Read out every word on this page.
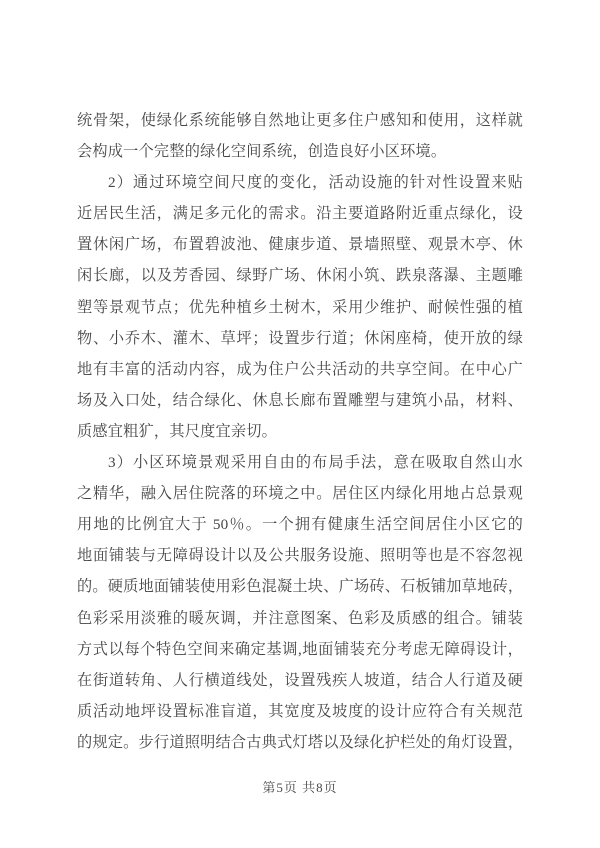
统骨架，使绿化系统能够自然地让更多住户感知和使用，这样就
会构成一个完整的绿化空间系统，创造良好小区环境。
2）通过环境空间尺度的变化，活动设施的针对性设置来贴
近居民生活，满足多元化的需求。沿主要道路附近重点绿化，设
置休闲广场，布置碧波池、健康步道、景墙照壁、观景木亭、休
闲长廊，以及芳香园、绿野广场、休闲小筑、跌泉落瀑、主题雕
塑等景观节点；优先种植乡土树木，采用少维护、耐候性强的植
物、小乔木、灌木、草坪；设置步行道；休闲座椅，使开放的绿
地有丰富的活动内容，成为住户公共活动的共享空间。在中心广
场及入口处，结合绿化、休息长廊布置雕塑与建筑小品，材料、
质感宜粗犷，其尺度宜亲切。
3）小区环境景观采用自由的布局手法，意在吸取自然山水
之精华，融入居住院落的环境之中。居住区内绿化用地占总景观
用地的比例宜大于 50％。一个拥有健康生活空间居住小区它的
地面铺装与无障碍设计以及公共服务设施、照明等也是不容忽视
的。硬质地面铺装使用彩色混凝土块、广场砖、石板铺加草地砖，
色彩采用淡雅的暖灰调，并注意图案、色彩及质感的组合。铺装
方式以每个特色空间来确定基调,地面铺装充分考虑无障碍设计，
在街道转角、人行横道线处，设置残疾人坡道，结合人行道及硬
质活动地坪设置标准盲道，其宽度及坡度的设计应符合有关规范
的规定。步行道照明结合古典式灯塔以及绿化护栏处的角灯设置，
第5页 共8页
